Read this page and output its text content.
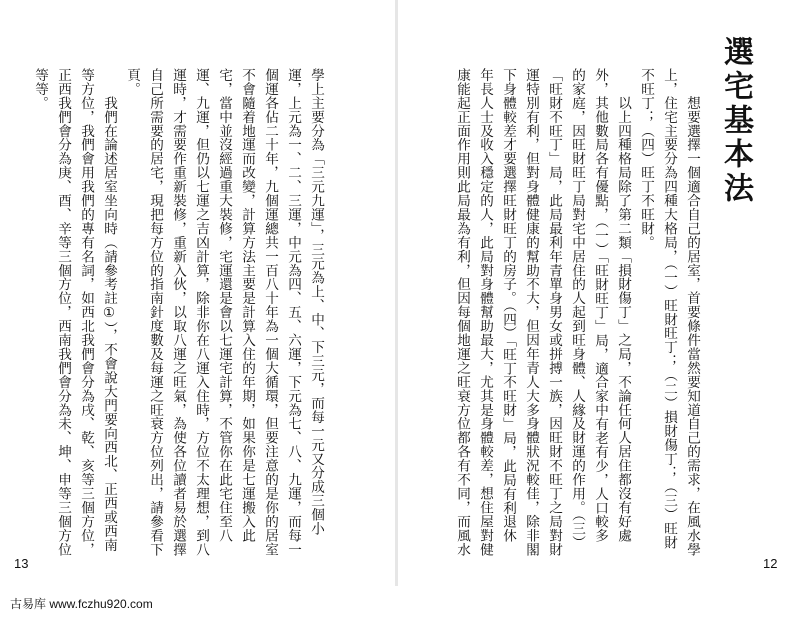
學上主要分為「三元九運」，三元為上、中、下三元，而每一元又分成三個小
運，上元為一、二、三運，中元為四、五、六運，下元為七、八、九運，而每一
個運各佔二十年，九個運總共一百八十年為一個大循環，但要注意的是你的居室
不會隨着地運而改變，計算方法主要是計算入住的年期，如果你是七運搬入此
宅，當中並沒經過重大裝修，宅運還是會以七運宅計算，不管你在此宅住至八
運、九運，但仍以七運之吉凶計算，除非你在八運入住時，方位不太理想，到八
運時，才需要作重新裝修，重新入伙，以取八運之旺氣，為使各位讀者易於選擇
自己所需要的居宅，現把每方位的指南針度數及每運之旺衰方位列出，請參看下
頁。
　　我們在論述居室坐向時（請參考註①），不會說大門要向西北、正西或西南
等方位，我們會用我們的專有名詞，如西北我們會分為戌、乾、亥等三個方位，
正西我們會分為庚、酉、辛等三個方位，西南我們會分為未、坤、申等三個方位
等等。
13
選宅基本法
　　想要選擇一個適合自己的居室，首要條件當然要知道自己的需求，在風水學
上，住宅主要分為四種大格局，（一）旺財旺丁；（二）損財傷丁；（三）旺財
不旺丁；（四）旺丁不旺財。
　　以上四種格局除了第二類「損財傷丁」之局，不論任何人居住都沒有好處
外，其他數局各有優點，（一）「旺財旺丁」局，適合家中有老有少，人口較多
的家庭，因旺財旺丁局對宅中居住的人起到旺身體、人緣及財運的作用。（三）
「旺財不旺丁」局，此局最利年青單身男女或拼搏一族，因旺財不旺丁之局對財
運特別有利，但對身體健康的幫助不大，但因年青人大多身體狀況較佳，除非閣
下身體較差才要選擇旺財旺丁的房子。（四）「旺丁不旺財」局，此局有利退休
年長人士及收入穩定的人，此局對身體幫助最大，尤其是身體較差，想住屋對健
康能起正面作用則此局最為有利，但因每個地運之旺衰方位都各有不同，而風水
12
古易库 www.fczhu920.com
